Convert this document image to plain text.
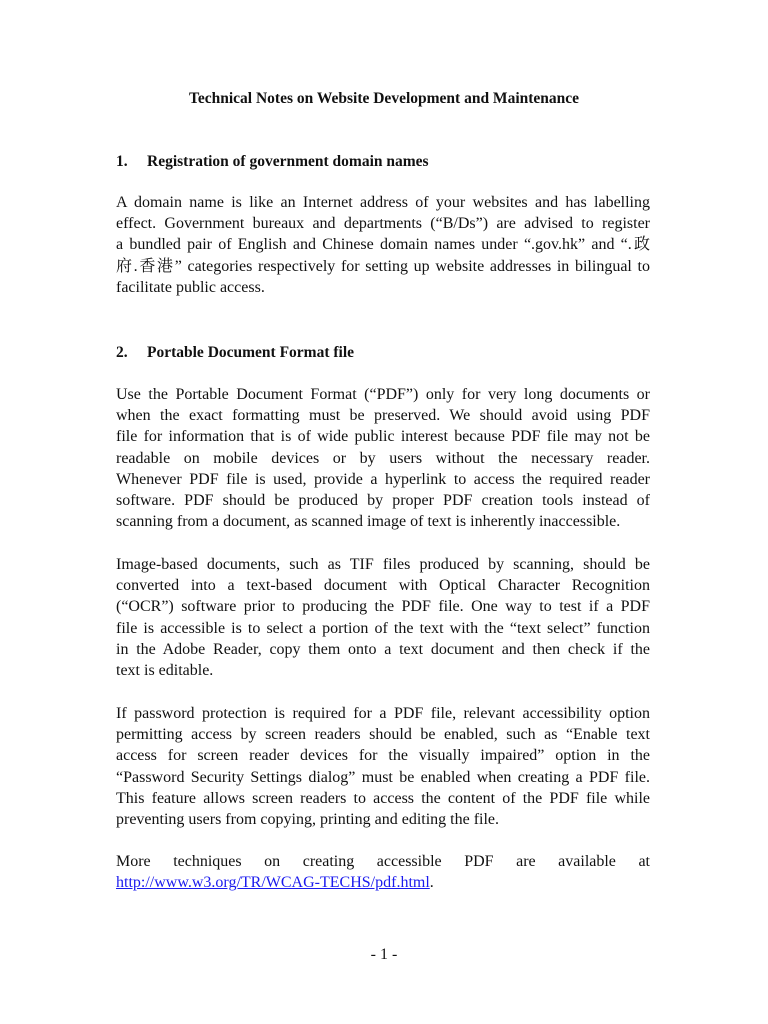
Technical Notes on Website Development and Maintenance
1. Registration of government domain names

A domain name is like an Internet address of your websites and has labelling
effect. Government bureaux and departments (“B/Ds”) are advised to register
a bundled pair of English and Chinese domain names under “.gov.hk” and “.政
府.香港” categories respectively for setting up website addresses in bilingual to
facilitate public access.

2. Portable Document Format file

Use the Portable Document Format (“PDF”) only for very long documents or
when the exact formatting must be preserved. We should avoid using PDF
file for information that is of wide public interest because PDF file may not be
readable on mobile devices or by users without the necessary reader.
Whenever PDF file is used, provide a hyperlink to access the required reader
software. PDF should be produced by proper PDF creation tools instead of
scanning from a document, as scanned image of text is inherently inaccessible.

Image-based documents, such as TIF files produced by scanning, should be
converted into a text-based document with Optical Character Recognition
(“OCR”) software prior to producing the PDF file. One way to test if a PDF
file is accessible is to select a portion of the text with the “text select” function
in the Adobe Reader, copy them onto a text document and then check if the
text is editable.

If password protection is required for a PDF file, relevant accessibility option
permitting access by screen readers should be enabled, such as “Enable text
access for screen reader devices for the visually impaired” option in the
“Password Security Settings dialog” must be enabled when creating a PDF file.
This feature allows screen readers to access the content of the PDF file while
preventing users from copying, printing and editing the file.

More techniques on creating accessible PDF are available at
http://www.w3.org/TR/WCAG-TECHS/pdf.html.

- 1 -
